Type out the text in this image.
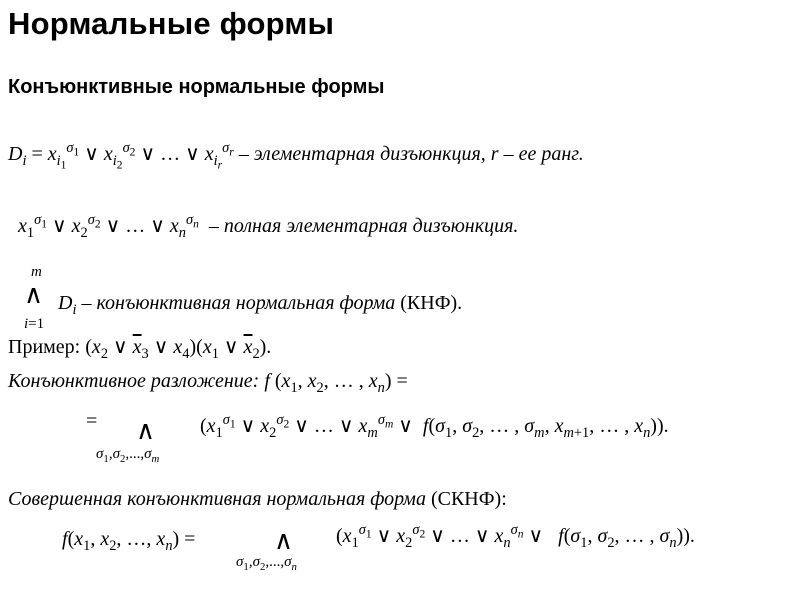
Нормальные формы
Конъюнктивные нормальные формы
$D_i = x_{i_1}^{\sigma_1}$ ∨ $x_{i_2}^{\sigma_2}$ ∨ … ∨ $x_{i_r}^{\sigma_r}$ – элементарная дизъюнкция, r – ее ранг.
$x_1^{\sigma_1}$ ∨ $x_2^{\sigma_2}$ ∨ … ∨ $x_n^{\sigma_n}$ – полная элементарная дизъюнкция.
m
∧
i=1
$D_i$ – конъюнктивная нормальная форма (КНФ).
Пример: ($x_2$ ∨ $\overline{x}_3$ ∨ $x_4)(x_1$ ∨ $\overline{x}_2$).
Конъюнктивное разложение: f ($x_1$, $x_2$, … , $x_n$) =
= ∧
$\sigma_1,\sigma_2,...,\sigma_m$
($x_1^{\sigma_1}$ ∨ $x_2^{\sigma_2}$ ∨ … ∨ $x_m^{\sigma_m}$ ∨  $f(\sigma_1$, $\sigma_2$, … , $\sigma_m$, $x_{m+1}$, … , $x_n$)).
Совершенная конъюнктивная нормальная форма (СКНФ):
$f(x_1$, $x_2$, …, $x_n$) =	∧
$\sigma_1,\sigma_2,...,\sigma_n$
($x_1^{\sigma_1}$ ∨ $x_2^{\sigma_2}$ ∨ … ∨ $x_n^{\sigma_n}$ ∨   $f(\sigma_1$, $\sigma_2$, … , $\sigma_n$)).
